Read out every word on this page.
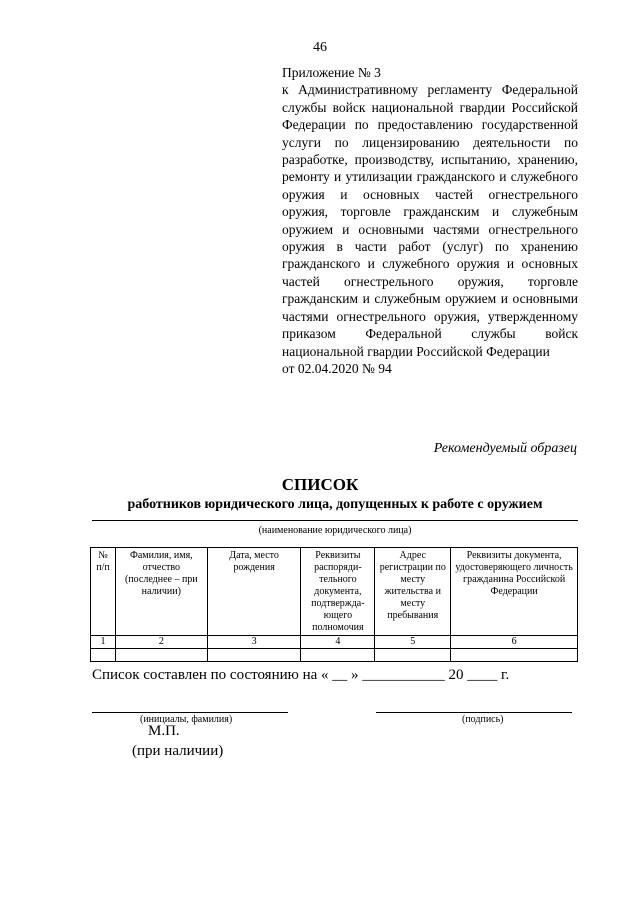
46

Приложение № 3

к Административному регламенту Федеральной службы войск национальной гвардии Российской Федерации по предоставлению государственной услуги по лицензированию деятельности по разработке, производству, испытанию, хранению, ремонту и утилизации гражданского и служебного оружия и основных частей огнестрельного оружия, торговле гражданским и служебным оружием и основными частями огнестрельного оружия в части работ (услуг) по хранению гражданского и служебного оружия и основных частей огнестрельного оружия, торговле гражданским и служебным оружием и основными частями огнестрельного оружия, утвержденному приказом Федеральной службы войск национальной гвардии Российской Федерации

от 02.04.2020 № 94

Рекомендуемый образец
СПИСОК
работников юридического лица, допущенных к работе с оружием
(наименование юридического лица)
№ п/п	Фамилия, имя, отчество (последнее – при наличии)	Дата, место рождения	Реквизиты распоряди-тельного документа, подтвержда-ющего полномочия	Адрес регистрации по месту жительства и месту пребывания	Реквизиты документа, удостоверяющего личность гражданина Российской Федерации
1	2	3	4	5	6

Список составлен по состоянию на « __ » ___________ 20 ____ г.
(инициалы, фамилия)	(подпись)
М.П.
(при наличии)
